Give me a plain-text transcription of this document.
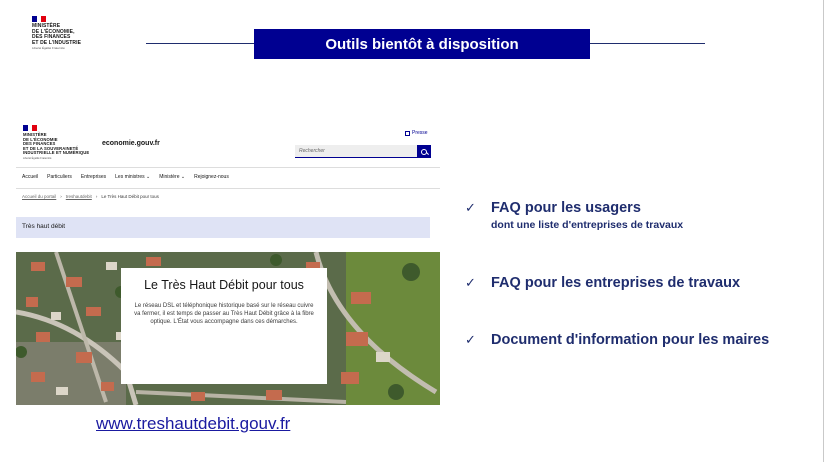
MINISTÈRE
DE L'ÉCONOMIE,
DES FINANCES
ET DE L'INDUSTRIE
Liberté Égalité Fraternité	Outils bientôt à disposition
MINISTÈRE
DE L'ÉCONOMIE
DES FINANCES
ET DE LA SOUVERAINETÉ
INDUSTRIELLE ET NUMÉRIQUE
Liberté Égalité Fraternité
economie.gouv.fr
Presse
Rechercher
Accueil Particuliers Entreprises Les ministres ⌄	Ministère ⌄	Rejoignez-nous
Accueil du portail › treshautdebit › Le Très Haut Débit pour tous
Très haut débit
Le Très Haut Débit pour tous
Le réseau DSL et téléphonique historique basé sur le réseau cuivre va fermer, il est temps de passer au Très Haut Débit grâce à la fibre optique. L'État vous accompagne dans ces démarches.
www.treshautdebit.gouv.fr
✓	FAQ pour les usagers
dont une liste d'entreprises de travaux
✓	FAQ pour les entreprises de travaux
✓	Document d'information pour les maires
